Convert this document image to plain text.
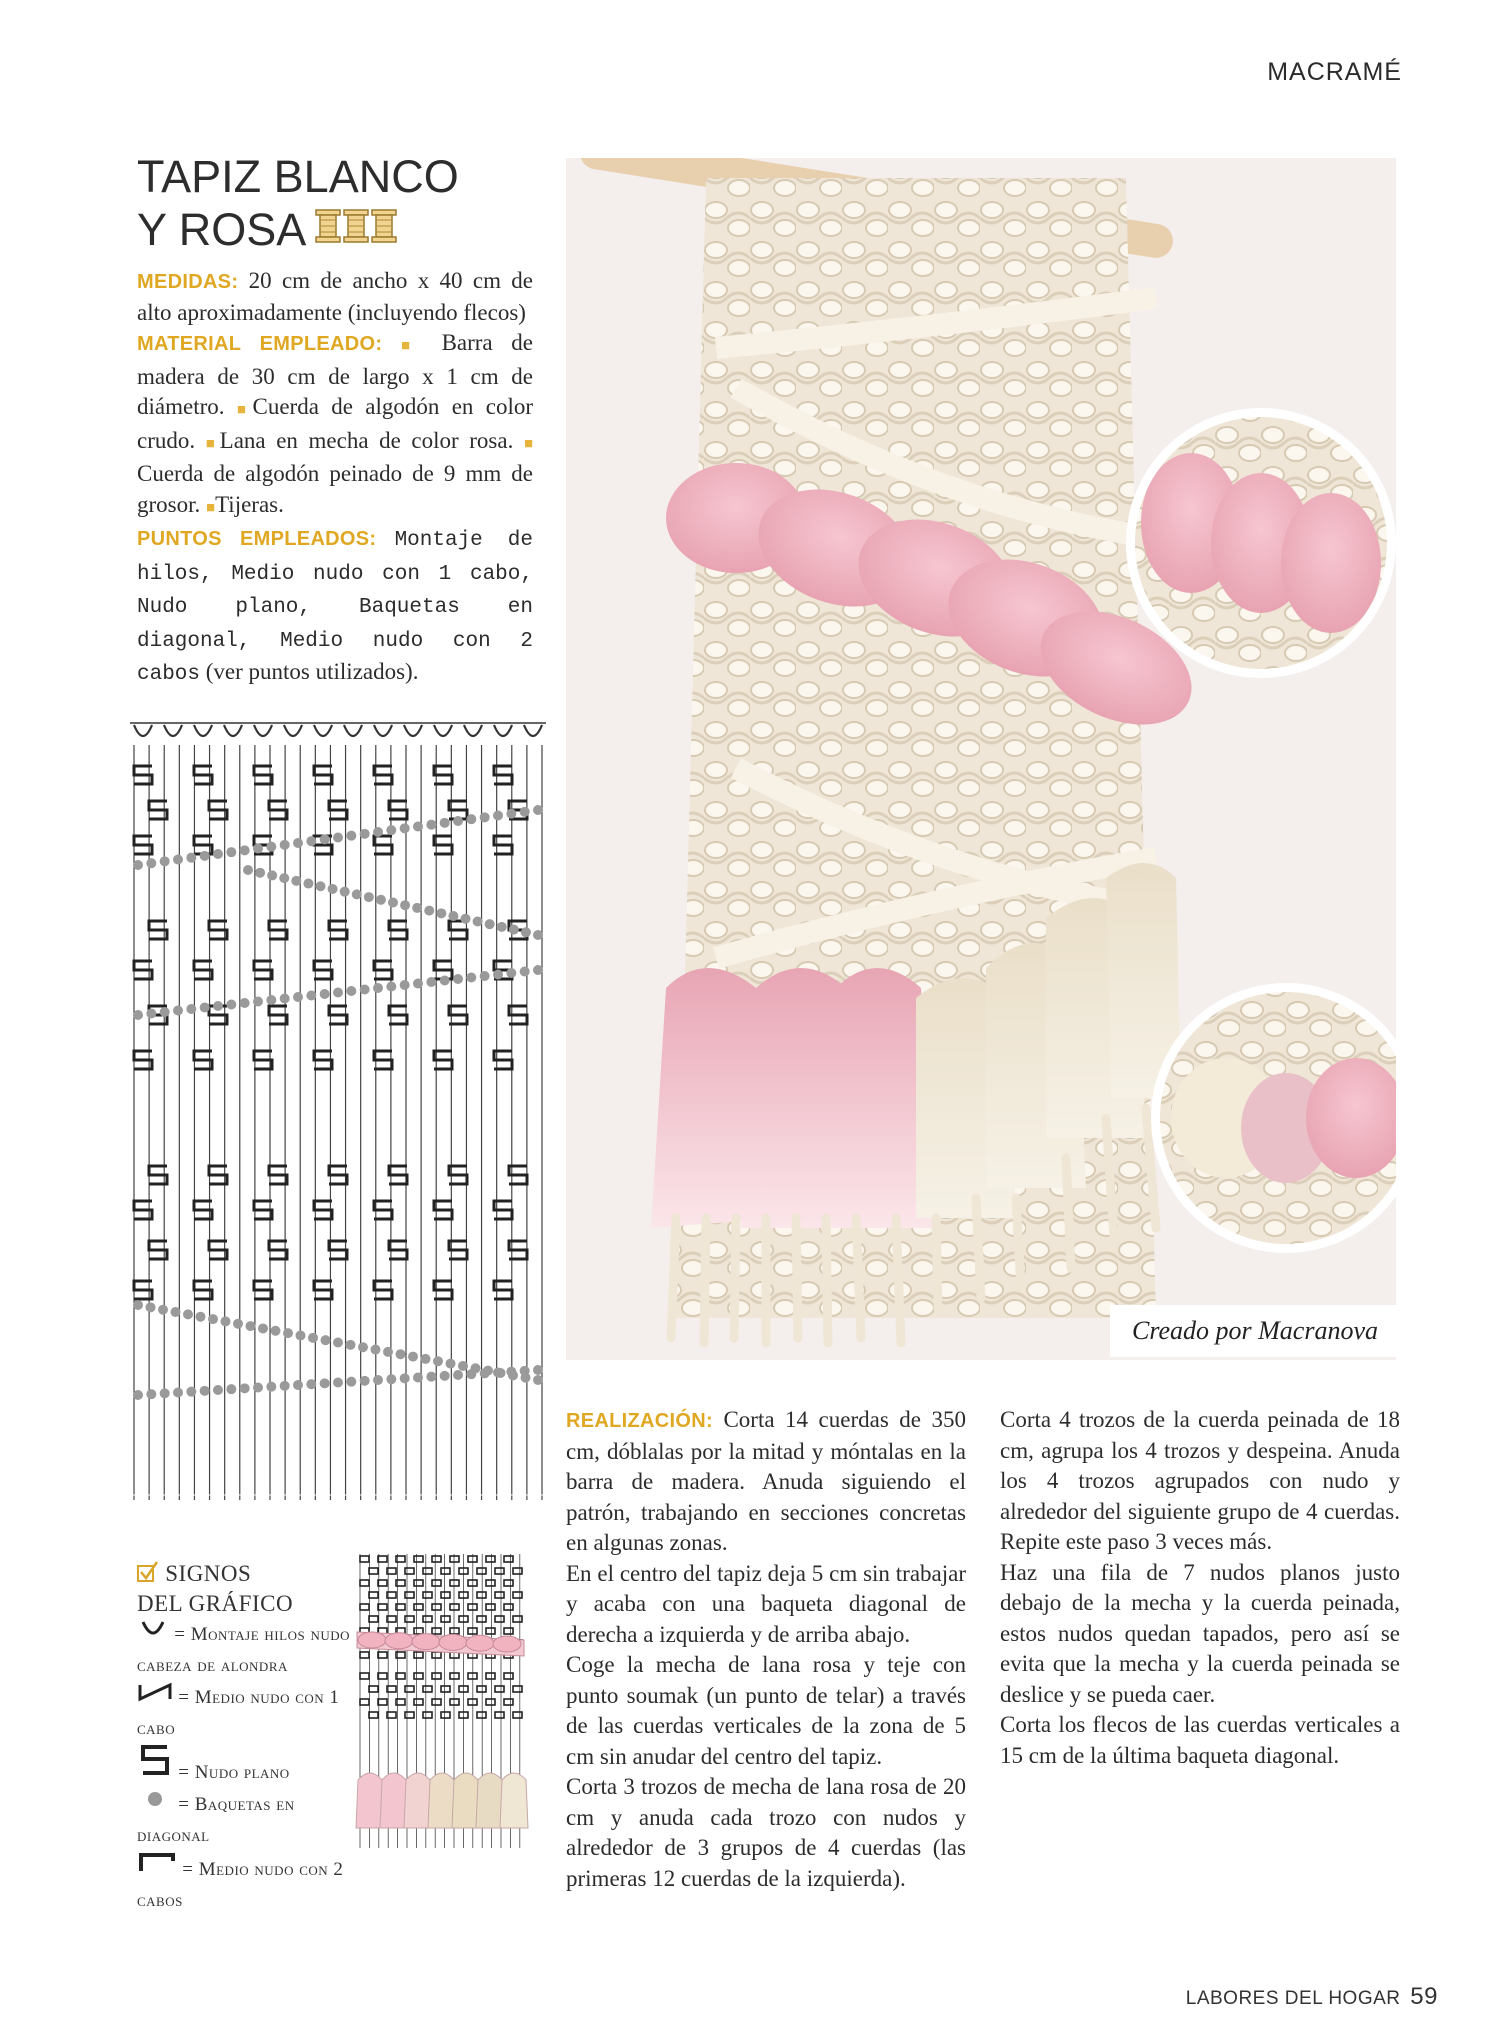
MACRAMÉ
TAPIZ BLANCO
Y ROSA
MEDIDAS: 20 cm de ancho x 40 cm de alto aproximadamente (incluyendo flecos)
MATERIAL EMPLEADO: ■ Barra de madera de 30 cm de largo x 1 cm de diámetro. ■Cuerda de algodón en color crudo. ■Lana en mecha de color rosa. ■ Cuerda de algodón peinado de 9 mm de grosor. ■Tijeras.
PUNTOS EMPLEADOS: Montaje de hilos, Medio nudo con 1 cabo, Nudo plano, Baquetas en diagonal, Medio nudo con 2 cabos (ver puntos utilizados).
Creado por Macranova
REALIZACIÓN: Corta 14 cuerdas de 350 cm, dóblalas por la mitad y móntalas en la barra de madera. Anuda siguiendo el patrón, trabajando en secciones concretas en algunas zonas.
En el centro del tapiz deja 5 cm sin trabajar y acaba con una baqueta diagonal de derecha a izquierda y de arriba abajo.
Coge la mecha de lana rosa y teje con punto soumak (un punto de telar) a través de las cuerdas verticales de la zona de 5 cm sin anudar del centro del tapiz.
Corta 3 trozos de mecha de lana rosa de 20 cm y anuda cada trozo con nudos y alrededor de 3 grupos de 4 cuerdas (las primeras 12 cuerdas de la izquierda).
Corta 4 trozos de la cuerda peinada de 18 cm, agrupa los 4 trozos y despeina. Anuda los 4 trozos agrupados con nudo y alrededor del siguiente grupo de 4 cuerdas. Repite este paso 3 veces más.
Haz una fila de 7 nudos planos justo debajo de la mecha y la cuerda peinada, estos nudos quedan tapados, pero así se evita que la mecha y la cuerda peinada se deslice y se pueda caer.
Corta los flecos de las cuerdas verticales a 15 cm de la última baqueta diagonal.
SIGNOS
DEL GRÁFICO
= Montaje hilos nudo cabeza de alondra
= Medio nudo con 1 cabo
= Nudo plano
= Baquetas en diagonal
= Medio nudo con 2 cabos
LABORES DEL HOGAR 59
